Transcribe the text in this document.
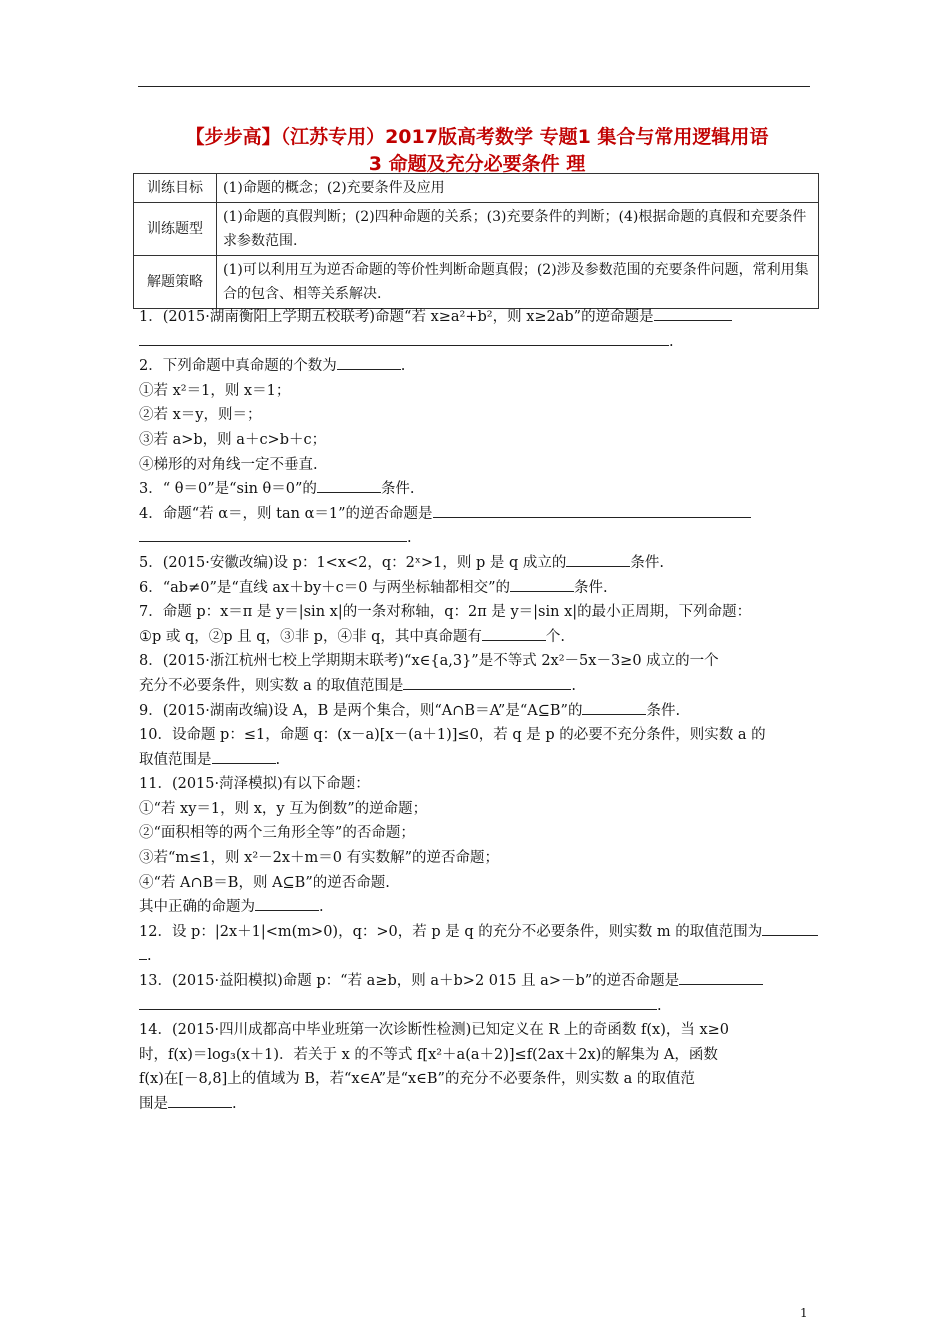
【步步高】（江苏专用）2017版高考数学 专题1 集合与常用逻辑用语
3 命题及充分必要条件 理
训练目标	(1)命题的概念；(2)充要条件及应用
训练题型	(1)命题的真假判断；(2)四种命题的关系；(3)充要条件的判断；(4)根据命题的真假和充要条件求参数范围.
解题策略	(1)可以利用互为逆否命题的等价性判断命题真假；(2)涉及参数范围的充要条件问题，常利用集合的包含、相等关系解决.

1．(2015·湖南衡阳上学期五校联考)命题“若 x≥a²+b²，则 x≥2ab”的逆命题是

.

2．下列命题中真命题的个数为	.

①若 x²＝1，则 x＝1；

②若 x＝y，则＝；

③若 a>b，则 a＋c>b＋c；

④梯形的对角线一定不垂直.

3．“ θ＝0”是“sin θ＝0”的	条件.

4．命题“若 α＝，则 tan α＝1”的逆否命题是

.

5．(2015·安徽改编)设 p：1<x<2，q：2ˣ>1，则 p 是 q 成立的	条件.

6．“ab≠0”是“直线 ax＋by＋c＝0 与两坐标轴都相交”的	条件.

7．命题 p：x＝π 是 y＝|sin x|的一条对称轴，q：2π 是 y＝|sin x|的最小正周期，下列命题：

①p 或 q，②p 且 q，③非 p，④非 q，其中真命题有	个.

8．(2015·浙江杭州七校上学期期末联考)“x∈{a,3}”是不等式 2x²－5x－3≥0 成立的一个

充分不必要条件，则实数 a 的取值范围是	.

9．(2015·湖南改编)设 A，B 是两个集合，则“A∩B＝A”是“A⊆B”的	条件.

10．设命题 p：≤1，命题 q：(x－a)[x－(a＋1)]≤0，若 q 是 p 的必要不充分条件，则实数 a 的

取值范围是	.

11．(2015·菏泽模拟)有以下命题：

①“若 xy＝1，则 x，y 互为倒数”的逆命题；

②“面积相等的两个三角形全等”的否命题；

③若“m≤1，则 x²－2x＋m＝0 有实数解”的逆否命题；

④“若 A∩B＝B，则 A⊆B”的逆否命题.

其中正确的命题为	.

12．设 p：|2x＋1|<m(m>0)，q：>0，若 p 是 q 的充分不必要条件，则实数 m 的取值范围为

.

13．(2015·益阳模拟)命题 p：“若 a≥b，则 a＋b>2 015 且 a>－b”的逆否命题是

.

14．(2015·四川成都高中毕业班第一次诊断性检测)已知定义在 R 上的奇函数 f(x)，当 x≥0

时，f(x)＝log₃(x＋1)．若关于 x 的不等式 f[x²＋a(a＋2)]≤f(2ax＋2x)的解集为 A，函数

f(x)在[－8,8]上的值域为 B，若“x∈A”是“x∈B”的充分不必要条件，则实数 a 的取值范

围是	.

1
